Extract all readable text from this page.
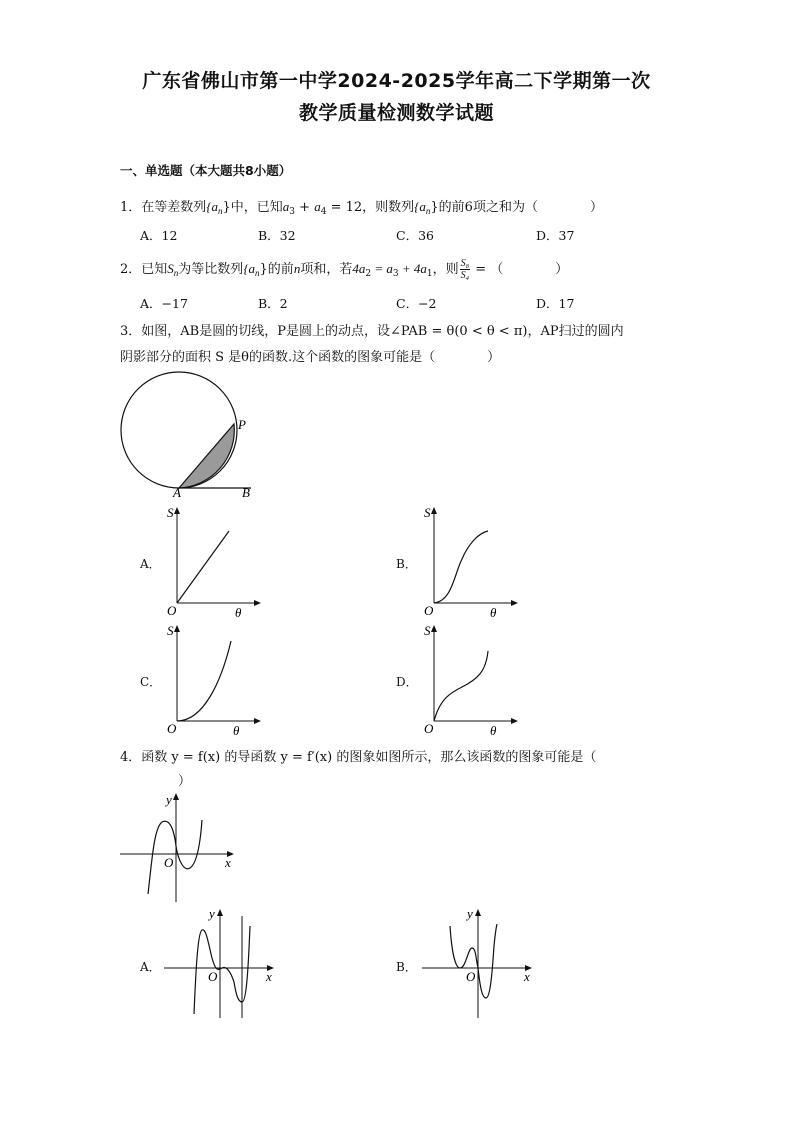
广东省佛山市第一中学2024-2025学年高二下学期第一次
教学质量检测数学试题
一、单选题（本大题共8小题）
1．在等差数列$\{a_n\}$中，已知$a_3 + a_4 = 12$，则数列$\{a_n\}$的前6项之和为（　　　　）
A．12	B．32	C．36	D．37
2．已知$S_n$为等比数列$\{a_n\}$的前n项和，若$4a_2 = a_3 + 4a_1$，则 $\frac{\text{S₈}}{\text{S₄}}$ = （　　　　）
A．−17	B．2	C．−2	D．17
3．如图，AB是圆的切线，P是圆上的动点，设∠PAB = θ(0 < θ < π)，AP扫过的圆内
阴影部分的面积 S 是θ的函数.这个函数的图象可能是（　　　　）
P
A	B
A．
S
O	θ
B．
S
O	θ
C．
S
O	θ
D．
S
O	θ
4．函数 y = f(x) 的导函数 y = f′(x) 的图象如图所示，那么该函数的图象可能是（
）
y
O	x
A．
y
O	x
B．
y
O	x
